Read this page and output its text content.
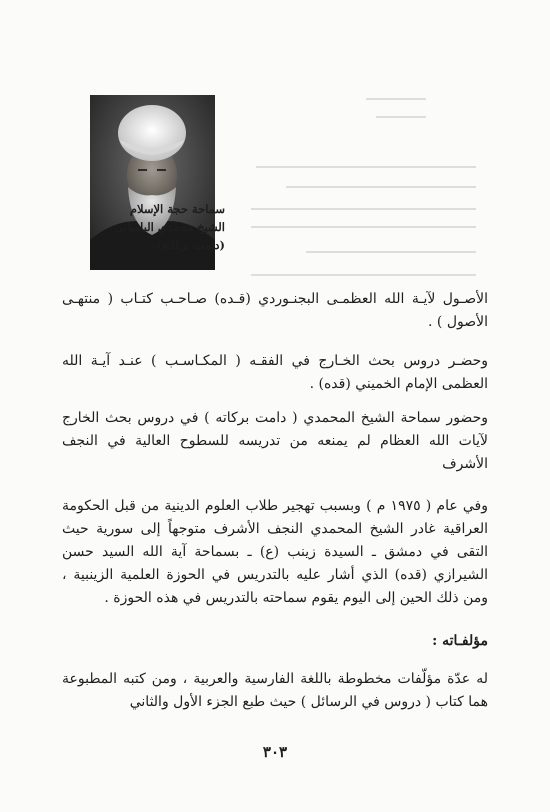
سماحة حجة الإسلام
الشيخ محمدي الباميانی
(دامت بركاته).
الأصـول لآيـة الله العظمـى البجنـوردي (قـده) صـاحـب كتـاب ( منتهـى الأصول ) .
وحضـر دروس بحث الخـارج في الفقـه ( المكـاسـب ) عنـد آيـة الله العظمى الإمام الخميني (قده) .
وحضور سماحة الشيخ المحمدي ( دامت بركاته ) في دروس بحث الخارج لآيات الله العظام لم يمنعه من تدريسه للسطوح العالية في النجف الأشرف
وفي عام ( ١٩٧٥ م ) وبسبب تهجير طلاب العلوم الدينية من قبل الحكومة العراقية غادر الشيخ المحمدي النجف الأشرف متوجهاً إلى سورية حيث التقى في دمشق ـ السيدة زينب (ع) ـ بسماحة آية الله السيد حسن الشيرازي (قده) الذي أشار عليه بالتدريس في الحوزة العلمية الزينبية ، ومن ذلك الحين إلى اليوم يقوم سماحته بالتدريس في هذه الحوزة .
مؤلفـاته :
له عدّة مؤلّفات مخطوطة باللغة الفارسية والعربية ، ومن كتبه المطبوعة هما كتاب ( دروس في الرسائل ) حيث طبع الجزء الأول والثاني
٣٠٣
